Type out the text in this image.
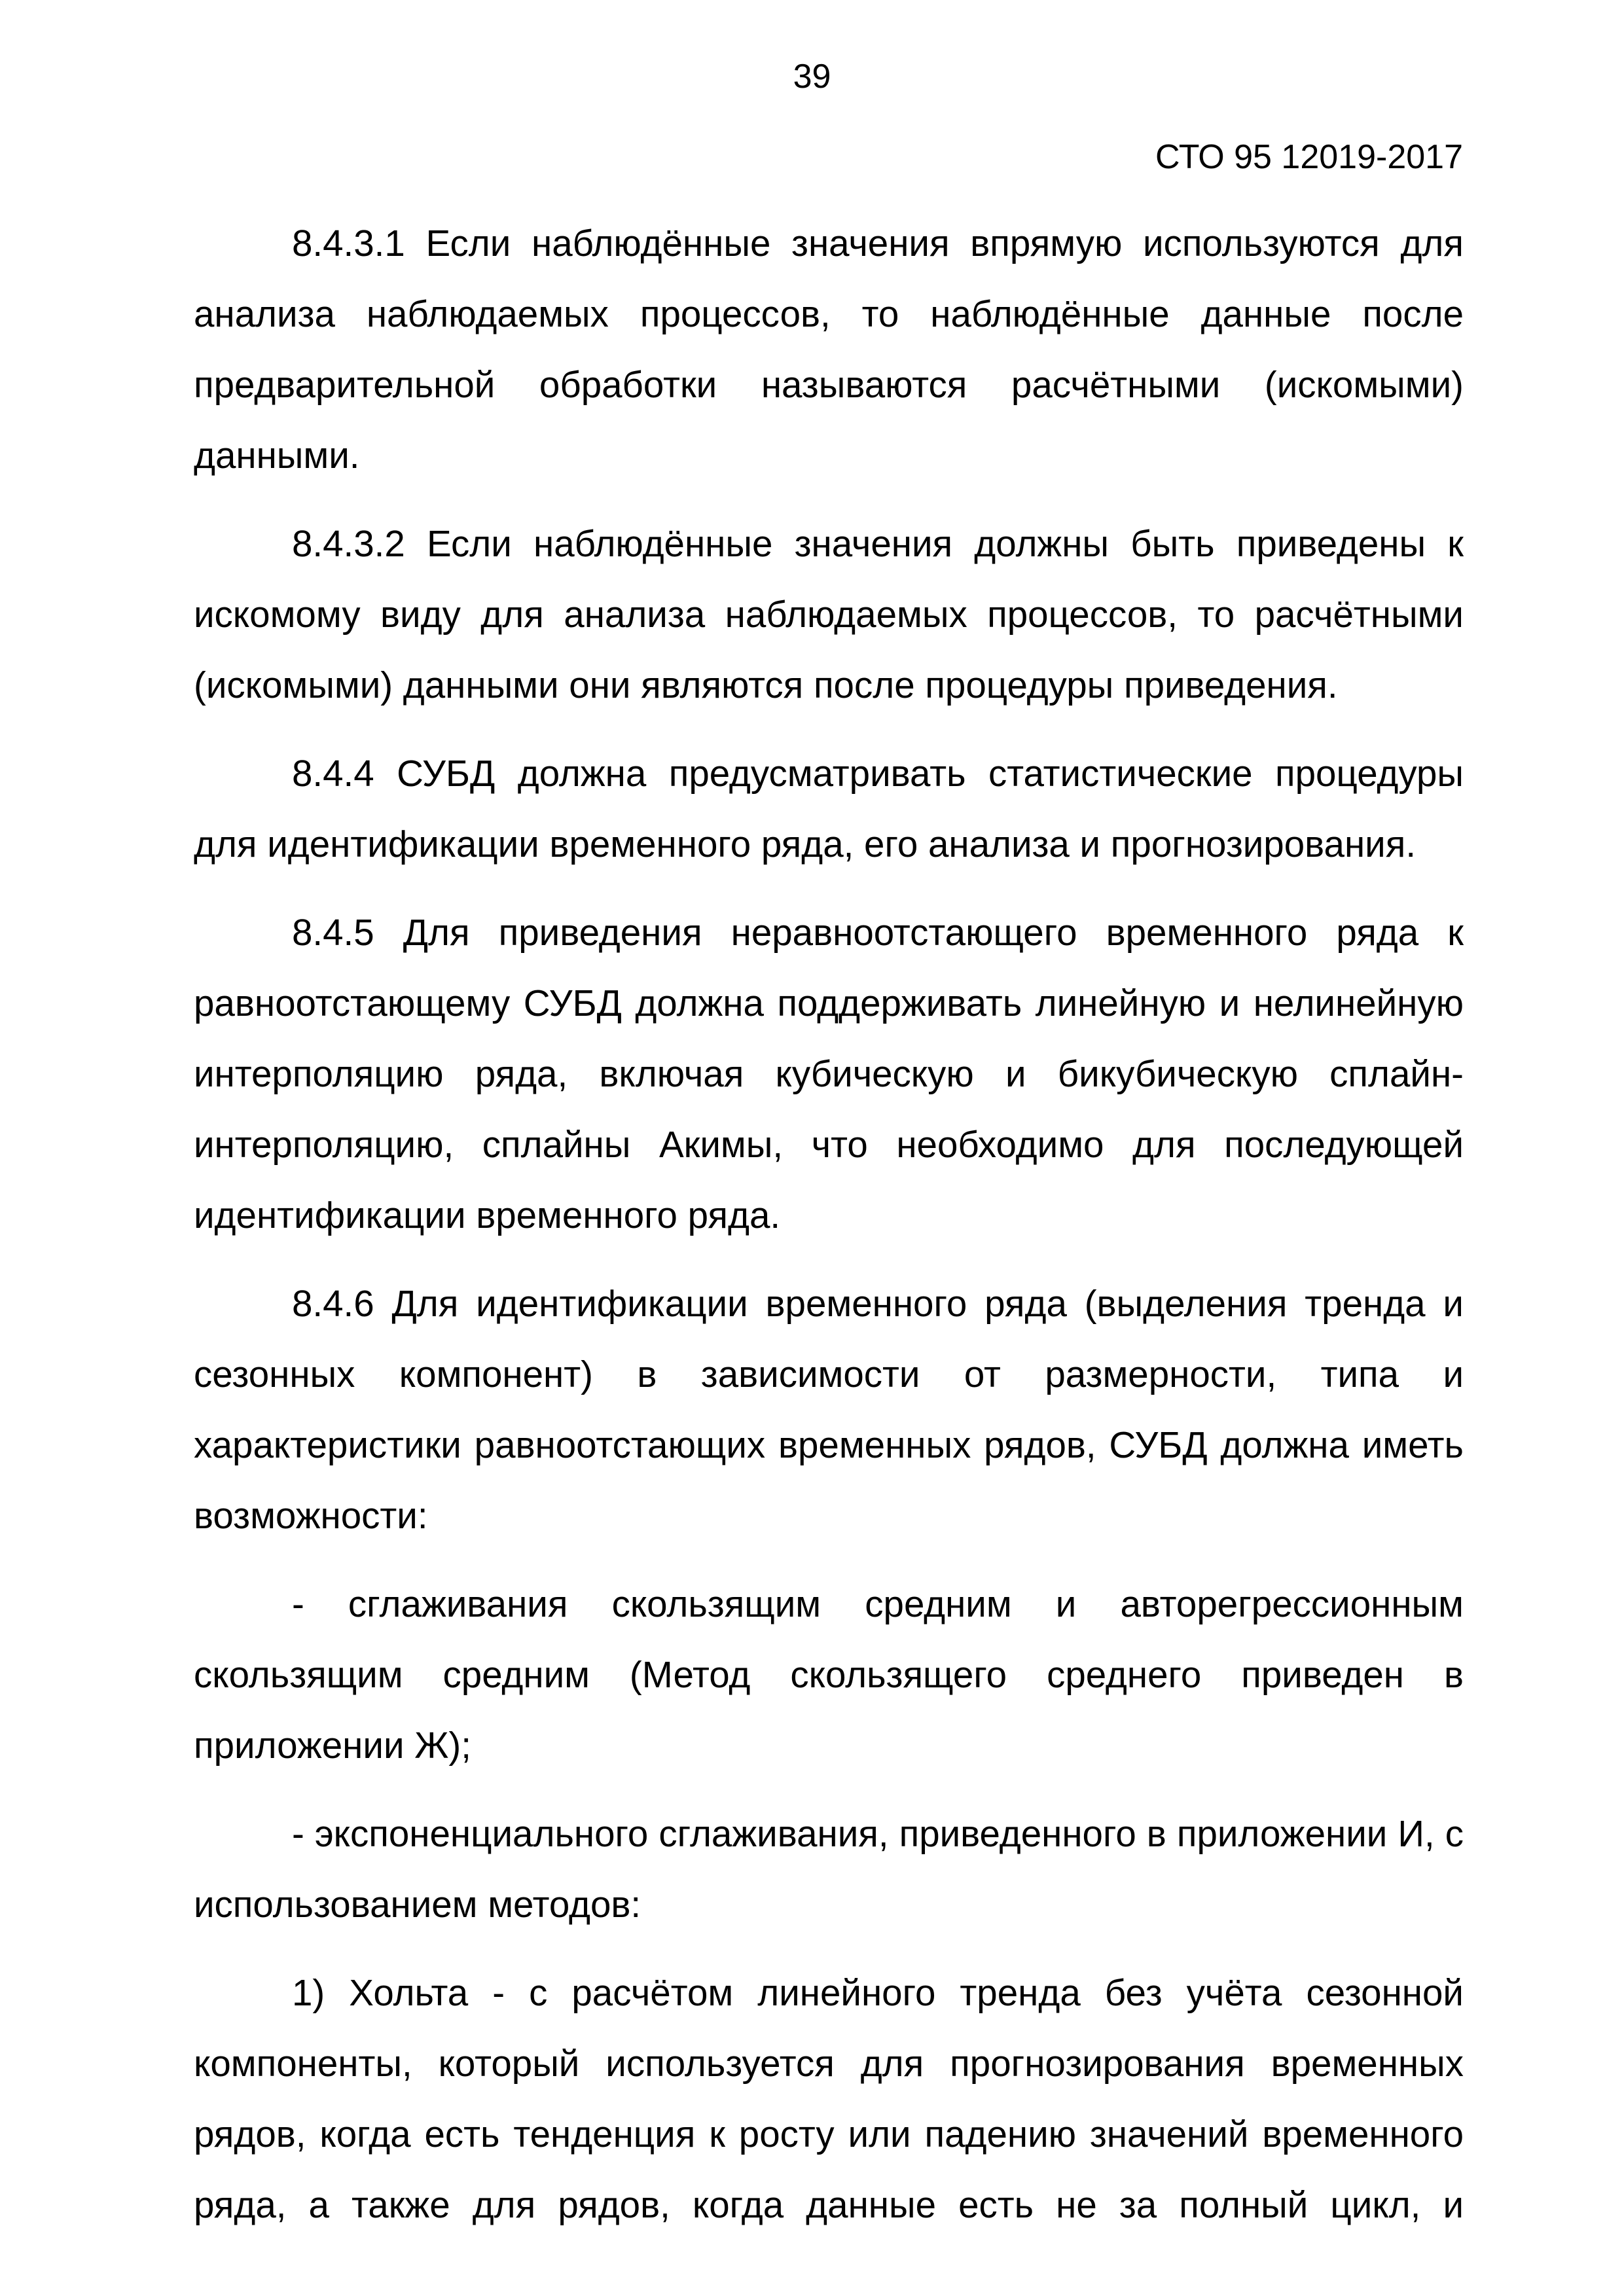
39
СТО 95 12019-2017

8.4.3.1 Если наблюдённые значения впрямую используются для анализа наблюдаемых процессов, то наблюдённые данные после предварительной обработки называются расчётными (искомыми) данными.

8.4.3.2 Если наблюдённые значения должны быть приведены к искомому виду для анализа наблюдаемых процессов, то расчётными (искомыми) данными они являются после процедуры приведения.

8.4.4 СУБД должна предусматривать статистические процедуры для идентификации временного ряда, его анализа и прогнозирования.

8.4.5 Для приведения неравноотстающего временного ряда к равноотстающему СУБД должна поддерживать линейную и нелинейную интерполяцию ряда, включая кубическую и бикубическую сплайн-интерполяцию, сплайны Акимы, что необходимо для последующей идентификации временного ряда.

8.4.6 Для идентификации временного ряда (выделения тренда и сезонных компонент) в зависимости от размерности, типа и характеристики равноотстающих временных рядов, СУБД должна иметь возможности:

- сглаживания скользящим средним и авторегрессионным скользящим средним (Метод скользящего среднего приведен в приложении Ж);

- экспоненциального сглаживания, приведенного в приложении И, с использованием методов:

1) Хольта - с расчётом линейного тренда без учёта сезонной компоненты, который используется для прогнозирования временных рядов, когда есть тенденция к росту или падению значений временного ряда, а также для рядов, когда данные есть не за полный цикл, и
